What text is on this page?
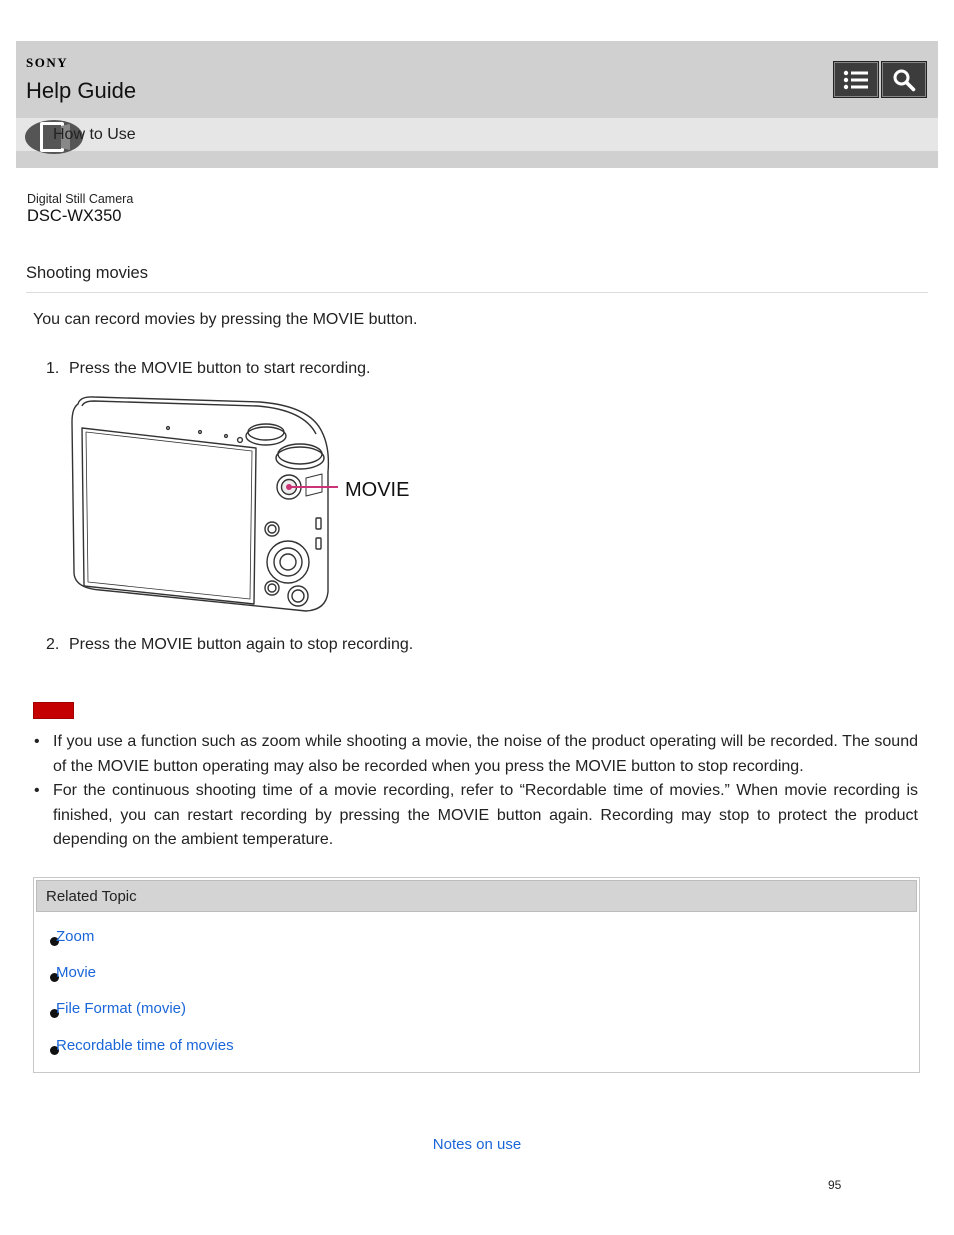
SONY
Help Guide
How to Use
Digital Still Camera
DSC-WX350
Shooting movies
You can record movies by pressing the MOVIE button.
1. Press the MOVIE button to start recording.
MOVIE
2. Press the MOVIE button again to stop recording.
• If you use a function such as zoom while shooting a movie, the noise of the product operating will be recorded. The sound of the MOVIE button operating may also be recorded when you press the MOVIE button to stop recording.
• For the continuous shooting time of a movie recording, refer to “Recordable time of movies.” When movie recording is finished, you can restart recording by pressing the MOVIE button again. Recording may stop to protect the product depending on the ambient temperature.
Related Topic
Zoom
Movie
File Format (movie)
Recordable time of movies
Notes on use
95
